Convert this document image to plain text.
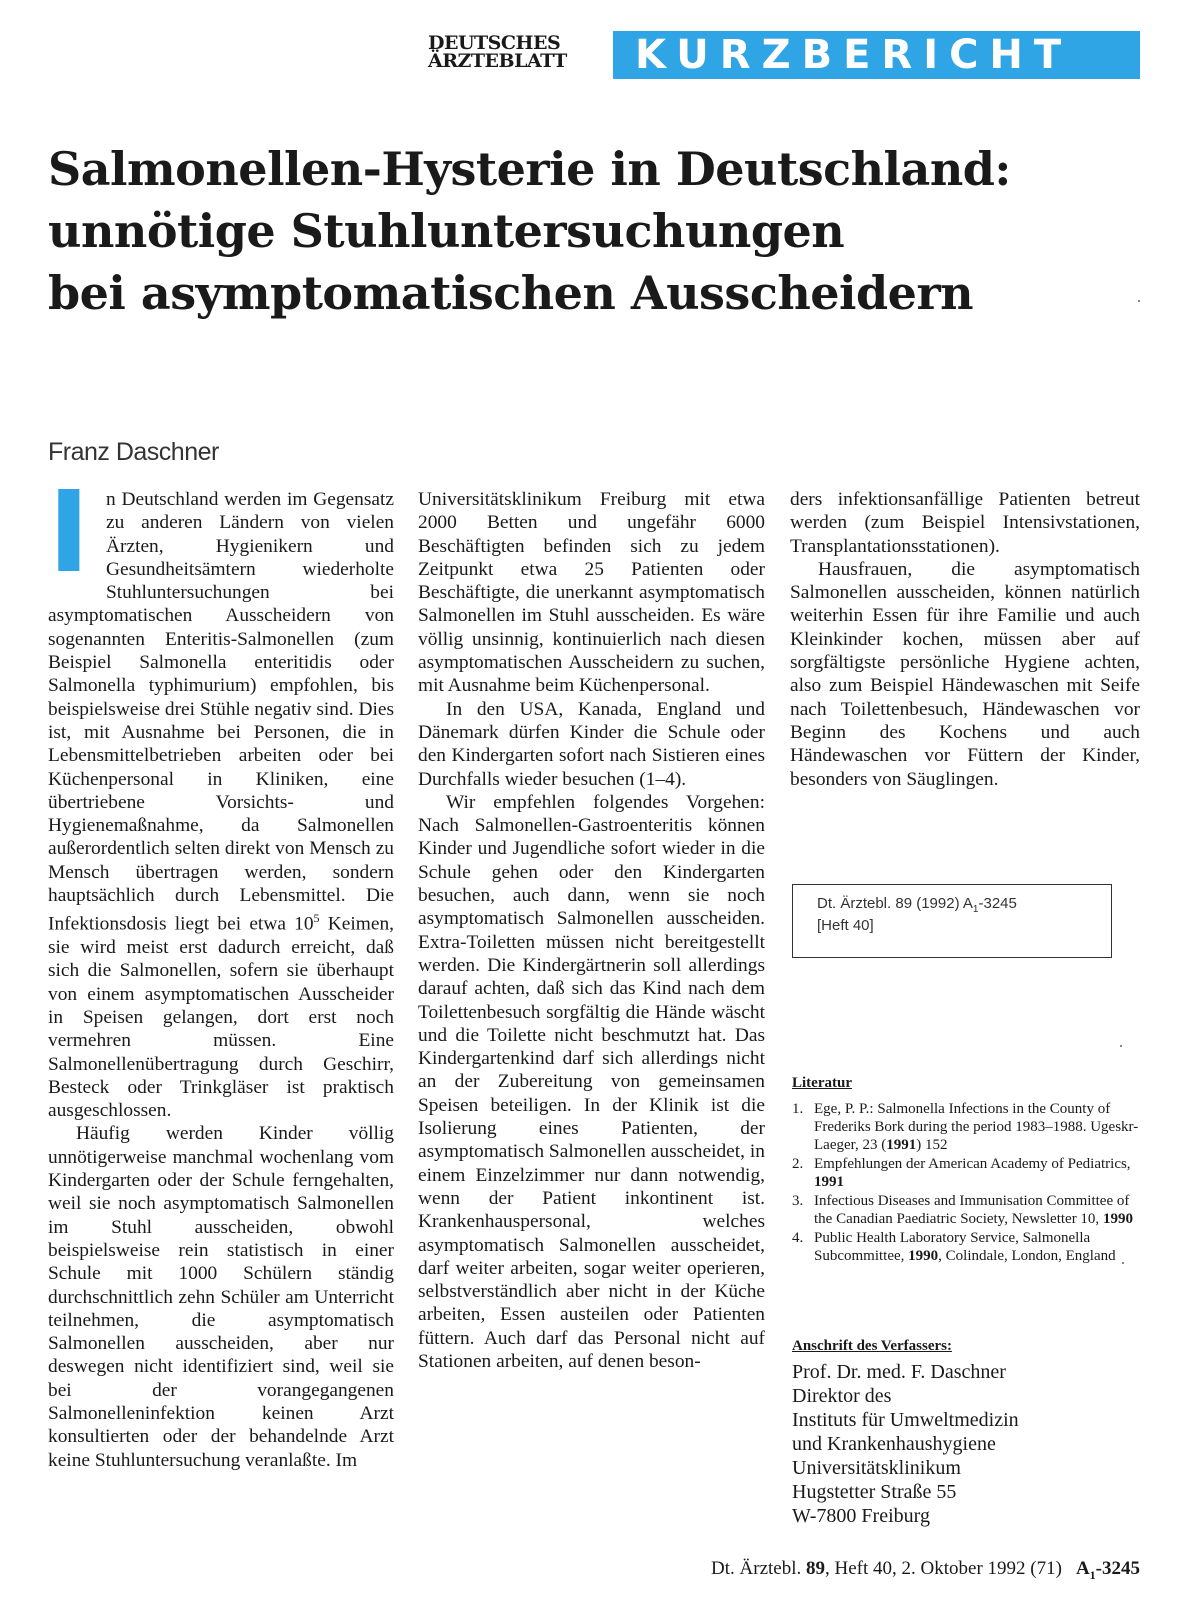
DEUTSCHES
ÄRZTEBLATT	KURZBERICHT
Salmonellen-Hysterie in Deutschland:
unnötige Stuhluntersuchungen
bei asymptomatischen Ausscheidern
Franz Daschner

I n Deutschland werden im Gegensatz zu anderen Ländern von vielen Ärzten, Hygienikern und Gesundheitsämtern wiederholte Stuhluntersuchungen bei asymptomatischen Ausscheidern von sogenannten Enteritis-Salmonellen (zum Beispiel Salmonella enteritidis oder Salmonella typhimurium) empfohlen, bis beispielsweise drei Stühle negativ sind. Dies ist, mit Ausnahme bei Personen, die in Lebensmittelbetrieben arbeiten oder bei Küchenpersonal in Kliniken, eine übertriebene Vorsichts- und Hygienemaßnahme, da Salmonellen außerordentlich selten direkt von Mensch zu Mensch übertragen werden, sondern hauptsächlich durch Lebensmittel. Die Infektionsdosis liegt bei etwa $10^5$ Keimen, sie wird meist erst dadurch erreicht, daß sich die Salmonellen, sofern sie überhaupt von einem asymptomatischen Ausscheider in Speisen gelangen, dort erst noch vermehren müssen. Eine Salmonellenübertragung durch Geschirr, Besteck oder Trinkgläser ist praktisch ausgeschlossen.

Häufig werden Kinder völlig unnötigerweise manchmal wochenlang vom Kindergarten oder der Schule ferngehalten, weil sie noch asymptomatisch Salmonellen im Stuhl ausscheiden, obwohl beispielsweise rein statistisch in einer Schule mit 1000 Schülern ständig durchschnittlich zehn Schüler am Unterricht teilnehmen, die asymptomatisch Salmonellen ausscheiden, aber nur deswegen nicht identifiziert sind, weil sie bei der vorangegangenen Salmonelleninfektion keinen Arzt konsultierten oder der behandelnde Arzt keine Stuhluntersuchung veranlaßte. Im

Universitätsklinikum Freiburg mit etwa 2000 Betten und ungefähr 6000 Beschäftigten befinden sich zu jedem Zeitpunkt etwa 25 Patienten oder Beschäftigte, die unerkannt asymptomatisch Salmonellen im Stuhl ausscheiden. Es wäre völlig unsinnig, kontinuierlich nach diesen asymptomatischen Ausscheidern zu suchen, mit Ausnahme beim Küchenpersonal.

In den USA, Kanada, England und Dänemark dürfen Kinder die Schule oder den Kindergarten sofort nach Sistieren eines Durchfalls wieder besuchen (1–4).

Wir empfehlen folgendes Vorgehen: Nach Salmonellen-Gastroenteritis können Kinder und Jugendliche sofort wieder in die Schule gehen oder den Kindergarten besuchen, auch dann, wenn sie noch asymptomatisch Salmonellen ausscheiden. Extra-Toiletten müssen nicht bereitgestellt werden. Die Kindergärtnerin soll allerdings darauf achten, daß sich das Kind nach dem Toilettenbesuch sorgfältig die Hände wäscht und die Toilette nicht beschmutzt hat. Das Kindergartenkind darf sich allerdings nicht an der Zubereitung von gemeinsamen Speisen beteiligen. In der Klinik ist die Isolierung eines Patienten, der asymptomatisch Salmonellen ausscheidet, in einem Einzelzimmer nur dann notwendig, wenn der Patient inkontinent ist. Krankenhauspersonal, welches asymptomatisch Salmonellen ausscheidet, darf weiter arbeiten, sogar weiter operieren, selbstverständlich aber nicht in der Küche arbeiten, Essen austeilen oder Patienten füttern. Auch darf das Personal nicht auf Stationen arbeiten, auf denen beson-

ders infektionsanfällige Patienten betreut werden (zum Beispiel Intensivstationen, Transplantationsstationen).

Hausfrauen, die asymptomatisch Salmonellen ausscheiden, können natürlich weiterhin Essen für ihre Familie und auch Kleinkinder kochen, müssen aber auf sorgfältigste persönliche Hygiene achten, also zum Beispiel Händewaschen mit Seife nach Toilettenbesuch, Händewaschen vor Beginn des Kochens und auch Händewaschen vor Füttern der Kinder, besonders von Säuglingen.

Dt. Ärztebl. 89 (1992) $A_1-3245$
[Heft 40]
Literatur
1. Ege, P. P.: Salmonella Infections in the County of Frederiks Bork during the period 1983–1988. Ugeskr-Laeger, 23 (1991) 152
2. Empfehlungen der American Academy of Pediatrics, 1991
3. Infectious Diseases and Immunisation Committee of the Canadian Paediatric Society, Newsletter 10, 1990
4. Public Health Laboratory Service, Salmonella Subcommittee, 1990, Colindale, London, England
Anschrift des Verfassers:
Prof. Dr. med. F. Daschner
Direktor des
Instituts für Umweltmedizin
und Krankenhaushygiene
Universitätsklinikum
Hugstetter Straße 55
W-7800 Freiburg
Dt. Ärztebl. 89, Heft 40, 2. Oktober 1992 (71) $A_1-3245$
